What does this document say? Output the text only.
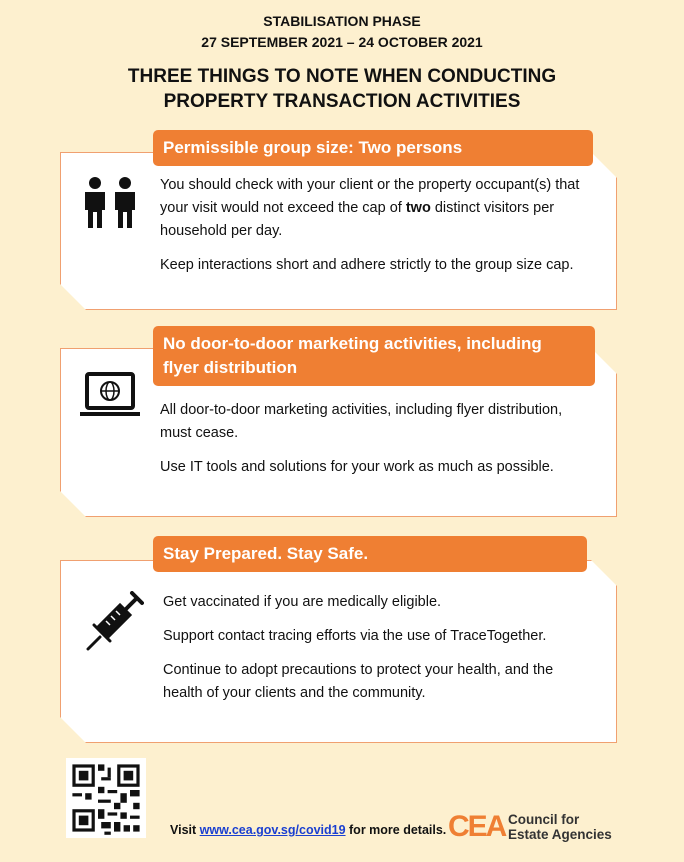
STABILISATION PHASE
27 SEPTEMBER 2021 – 24 OCTOBER 2021
THREE THINGS TO NOTE WHEN CONDUCTING
PROPERTY TRANSACTION ACTIVITIES
Permissible group size: Two persons

You should check with your client or the property occupant(s) that your visit would not exceed the cap of two distinct visitors per household per day.

Keep interactions short and adhere strictly to the group size cap.

No door-to-door marketing activities, including
flyer distribution

All door-to-door marketing activities, including flyer distribution, must cease.

Use IT tools and solutions for your work as much as possible.

Stay Prepared. Stay Safe.

Get vaccinated if you are medically eligible.

Support contact tracing efforts via the use of TraceTogether.

Continue to adopt precautions to protect your health, and the health of your clients and the community.

Visit www.cea.gov.sg/covid19 for more details. CEA Council for
Estate Agencies
